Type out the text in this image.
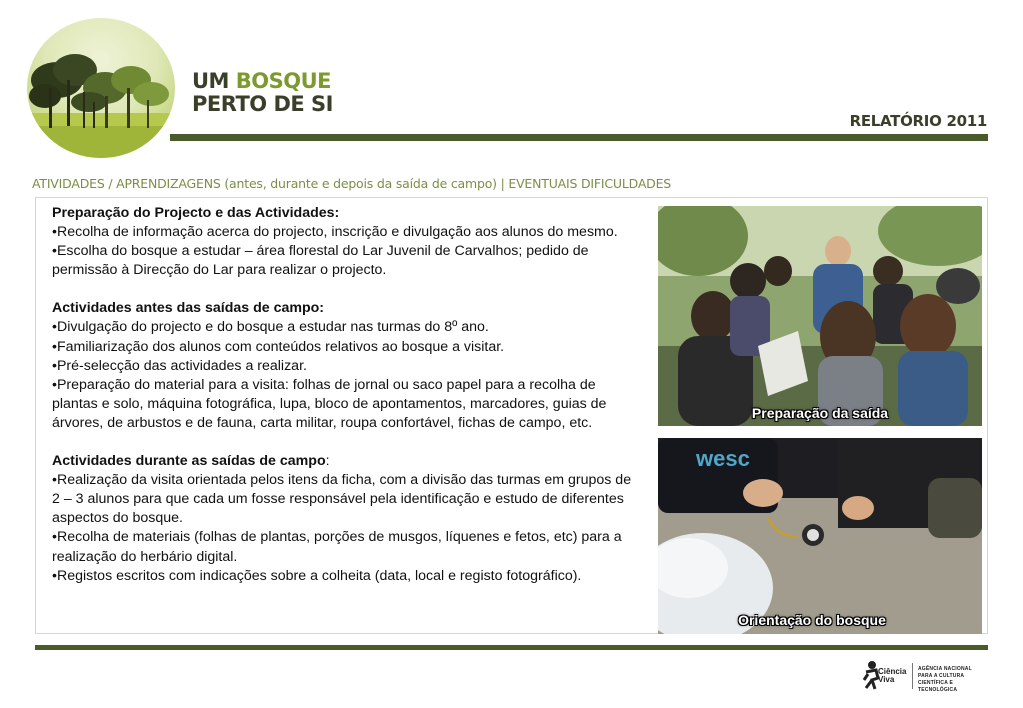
UM BOSQUE
PERTO DE SI
RELATÓRIO 2011
ATIVIDADES / APRENDIZAGENS (antes, durante e depois da saída de campo) | EVENTUAIS DIFICULDADES

Preparação do Projecto e das Actividades:

•Recolha de informação acerca do projecto, inscrição e divulgação aos alunos do mesmo.

•Escolha do bosque a estudar – área florestal do Lar Juvenil de Carvalhos; pedido de permissão à Direcção do Lar para realizar o projecto.

Actividades antes das saídas de campo:

•Divulgação do projecto e do bosque a estudar nas turmas do 8º ano.

•Familiarização dos alunos com conteúdos relativos ao bosque a visitar.

•Pré-selecção das actividades a realizar.

•Preparação do material para a visita: folhas de jornal ou saco papel para a recolha de plantas e solo, máquina fotográfica, lupa, bloco de apontamentos, marcadores, guias de árvores, de arbustos e de fauna, carta militar, roupa confortável, fichas de campo, etc.

Actividades durante as saídas de campo:

•Realização da visita orientada pelos itens da ficha, com a divisão das turmas em grupos de 2 – 3 alunos para que cada um fosse responsável pela identificação e estudo de diferentes aspectos do bosque.

•Recolha de materiais (folhas de plantas, porções de musgos, líquenes e fetos, etc) para a realização do herbário digital.

•Registos escritos com indicações sobre a colheita (data, local e registo fotográfico).

Preparação da saída
wesc
Orientação do bosque
Ciência
Viva
AGÊNCIA NACIONAL
PARA A CULTURA
CIENTÍFICA E TECNOLÓGICA
